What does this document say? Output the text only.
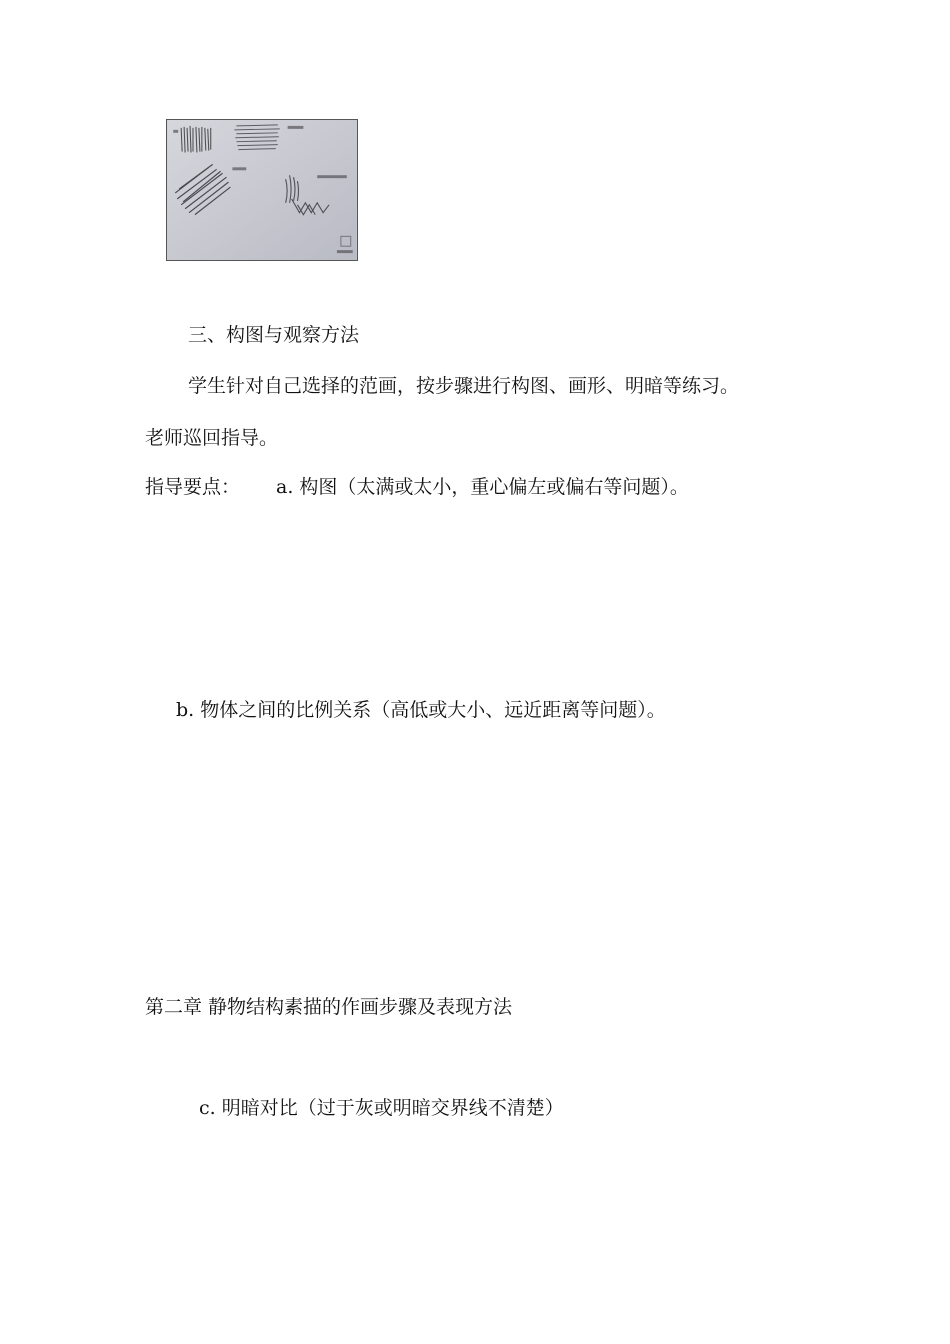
三、构图与观察方法
学生针对自己选择的范画，按步骤进行构图、画形、明暗等练习。
老师巡回指导。
指导要点： a. 构图（太满或太小，重心偏左或偏右等问题）。
b. 物体之间的比例关系（高低或大小、远近距离等问题）。
第二章 静物结构素描的作画步骤及表现方法
c. 明暗对比（过于灰或明暗交界线不清楚）
